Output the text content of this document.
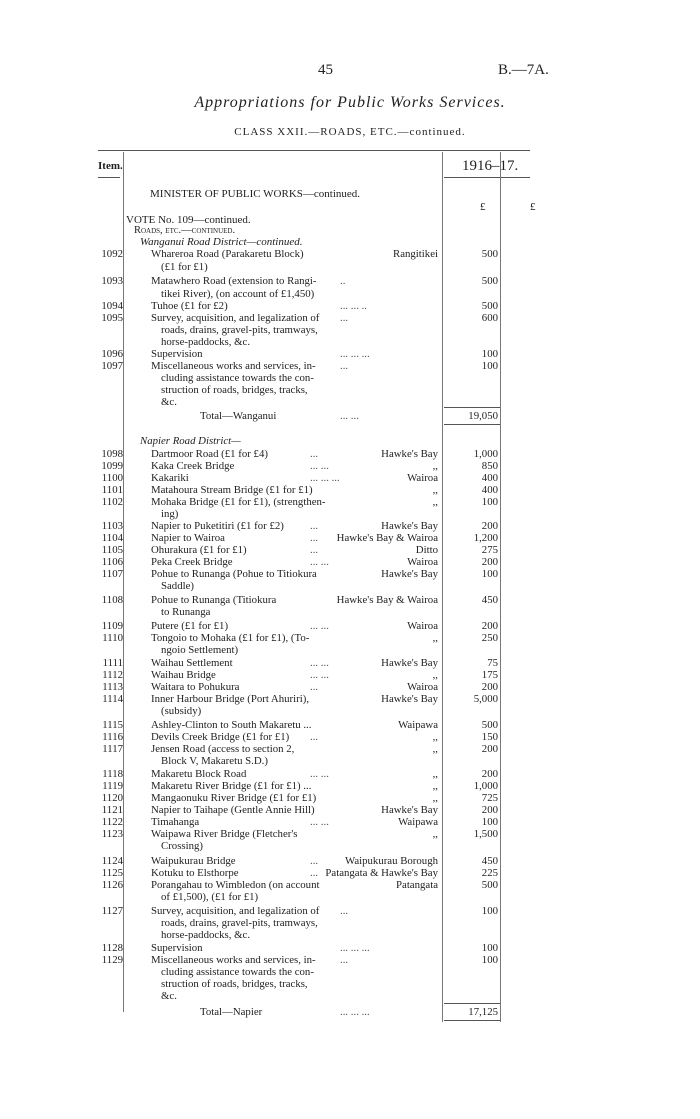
45	B.—7A.
Appropriations for Public Works Services.
CLASS XXII.—ROADS, ETC.—continued.
Item.	1916–17.
£	£
MINISTER OF PUBLIC WORKS—continued.
VOTE No. 109—continued.
Roads, etc.—continued.
Wanganui Road District—continued.
1092	Whareroa Road (Parakaretu Block)	Rangitikei	500
(£1 for £1)
1093	Matawhero Road (extension to Rangi- ..	500
tikei River), (on account of £1,450)
1094	Tuhoe (£1 for £2)	... ... ..	500
1095	Survey, acquisition, and legalization of ...	600
roads, drains, gravel-pits, tramways,
horse-paddocks, &c.
1096	Supervision	... ... ...	100
1097	Miscellaneous works and services, in- ...	100
cluding assistance towards the con-
struction of roads, bridges, tracks,
&c.
Total—Wanganui	... ...	19,050
Napier Road District—
1098	Dartmoor Road (£1 for £4)	...	Hawke's Bay	1,000
1099	Kaka Creek Bridge	... ...	,,	850
1100	Kakariki	... ... ...	Wairoa	400
1101	Matahoura Stream Bridge (£1 for £1)	,,	400
1102	Mohaka Bridge (£1 for £1), (strengthen-	,,	100
ing)
1103	Napier to Puketitiri (£1 for £2) ...	Hawke's Bay	200
1104	Napier to Wairoa	... Hawke's Bay & Wairoa	1,200
1105	Ohurakura (£1 for £1)	...	Ditto	275
1106	Peka Creek Bridge	... ...	Wairoa	200
1107	Pohue to Runanga (Pohue to Titiokura	Hawke's Bay	100
Saddle)
1108	Pohue to Runanga (Titiokura	Hawke's Bay & Wairoa	450
to Runanga
1109	Putere (£1 for £1)	... ...	Wairoa	200
1110	Tongoio to Mohaka (£1 for £1), (To-	,,	250
ngoio Settlement)
1111	Waihau Settlement	... ...	Hawke's Bay	75
1112	Waihau Bridge	... ...	,,	175
1113	Waitara to Pohukura	...	Wairoa	200
1114	Inner Harbour Bridge (Port Ahuriri),	Hawke's Bay	5,000
(subsidy)
1115	Ashley-Clinton to South Makaretu ...	Waipawa	500
1116	Devils Creek Bridge (£1 for £1) ...	,,	150
1117	Jensen Road (access to section 2,	,,	200
Block V, Makaretu S.D.)
1118	Makaretu Block Road	... ...	,,	200
1119	Makaretu River Bridge (£1 for £1) ...	,,	1,000
1120	Mangaonuku River Bridge (£1 for £1)	,,	725
1121	Napier to Taihape (Gentle Annie Hill)	Hawke's Bay	200
1122	Timahanga	... ...	Waipawa	100
1123	Waipawa River Bridge (Fletcher's	,,	1,500
Crossing)
1124	Waipukurau Bridge	... Waipukurau Borough	450
1125	Kotuku to Elsthorpe	... Patangata & Hawke's Bay	225
1126	Porangahau to Wimbledon (on account	Patangata	500
of £1,500), (£1 for £1)
1127	Survey, acquisition, and legalization of ...	100
roads, drains, gravel-pits, tramways,
horse-paddocks, &c.
1128	Supervision	... ... ...	100
1129	Miscellaneous works and services, in- ...	100
cluding assistance towards the con-
struction of roads, bridges, tracks,
&c.
Total—Napier	... ... ...	17,125
